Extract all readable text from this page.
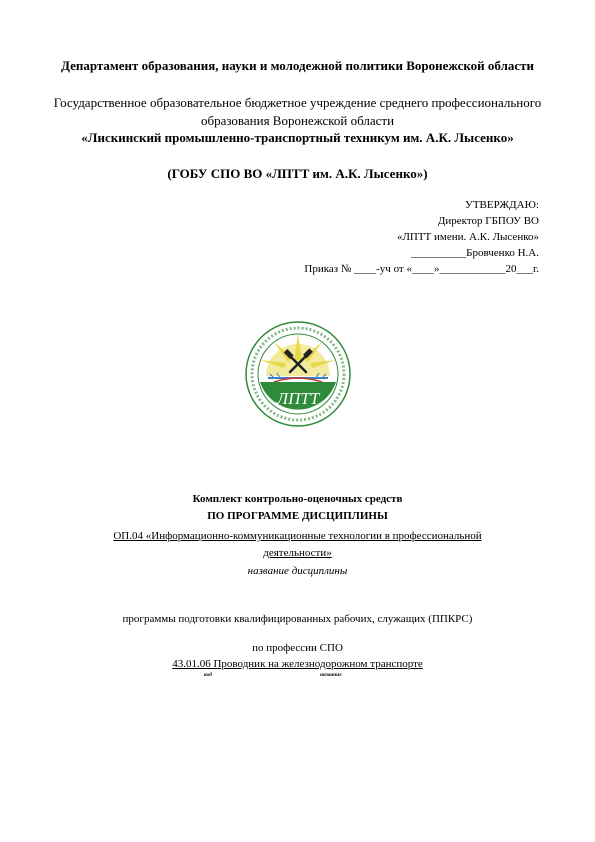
Департамент образования, науки и молодежной политики Воронежской области
Государственное образовательное бюджетное учреждение среднего профессионального
образования Воронежской области
«Лискинский промышленно-транспортный техникум им. А.К. Лысенко»
(ГОБУ СПО ВО «ЛПТТ им. А.К. Лысенко»)
УТВЕРЖДАЮ:
Директор ГБПОУ ВО
«ЛПТТ имени. А.К. Лысенко»
__________Бровченко Н.А.
Приказ № ____-уч от «____»____________20___г.
ЛПТТ
Комплект контрольно-оценочных средств
ПО ПРОГРАММЕ ДИСЦИПЛИНЫ
ОП.04 «Информационно-коммуникационные технологии в профессиональной
деятельности»
название дисциплины
программы подготовки квалифицированных рабочих, служащих (ППКРС)
по профессии СПО
43.01.06 Проводник на железнодорожном транспорте
код	название
